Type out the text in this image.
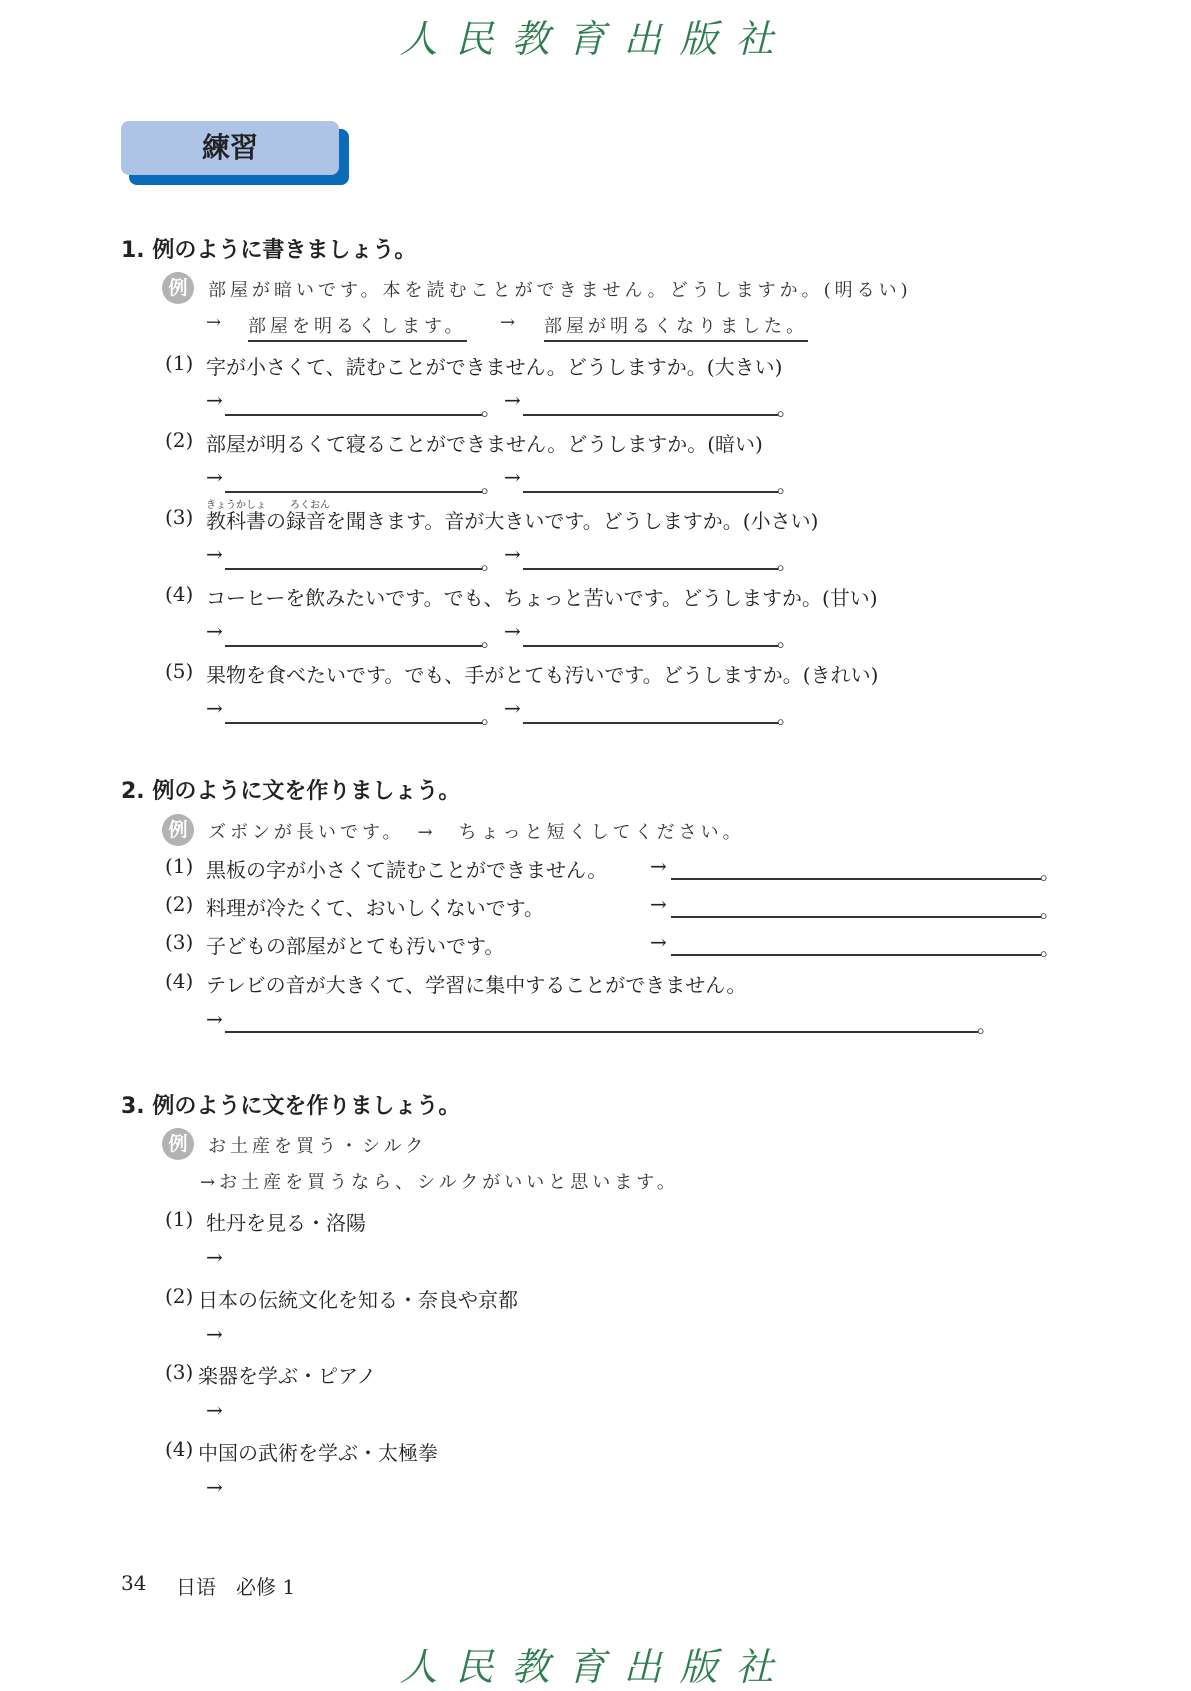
人民教育出版社
練習
1. 例のように書きましょう。
例	部屋が暗いです。本を読むことができません。どうしますか。(明るい)
→ 部屋を明るくします。 → 部屋が明るくなりました。
(1) 字が小さくて、読むことができません。どうしますか。(大きい)
→	。 →	。
(2) 部屋が明るくて寝ることができません。どうしますか。(暗い)
→	。 →	。
きょうかしょ ろくおん
(3) 教科書の録音を聞きます。音が大きいです。どうしますか。(小さい)
→	。 →	。
(4) コーヒーを飲みたいです。でも、ちょっと苦いです。どうしますか。(甘い)
→	。 →	。
(5) 果物を食べたいです。でも、手がとても汚いです。どうしますか。(きれい)
→	。 →	。
2. 例のように文を作りましょう。
例	ズボンが長いです。　→　ちょっと短くしてください。
(1) 黒板の字が小さくて読むことができません。 →	。
(2) 料理が冷たくて、おいしくないです。	→	。
(3) 子どもの部屋がとても汚いです。	→	。
(4) テレビの音が大きくて、学習に集中することができません。
→	。
3. 例のように文を作りましょう。
例	お土産を買う・シルク
→お土産を買うなら、シルクがいいと思います。
(1) 牡丹を見る・洛陽
→
(2) 日本の伝統文化を知る・奈良や京都
→
(3) 楽器を学ぶ・ピアノ
→
(4) 中国の武術を学ぶ・太極拳
→
34 日语　必修 1
人民教育出版社
